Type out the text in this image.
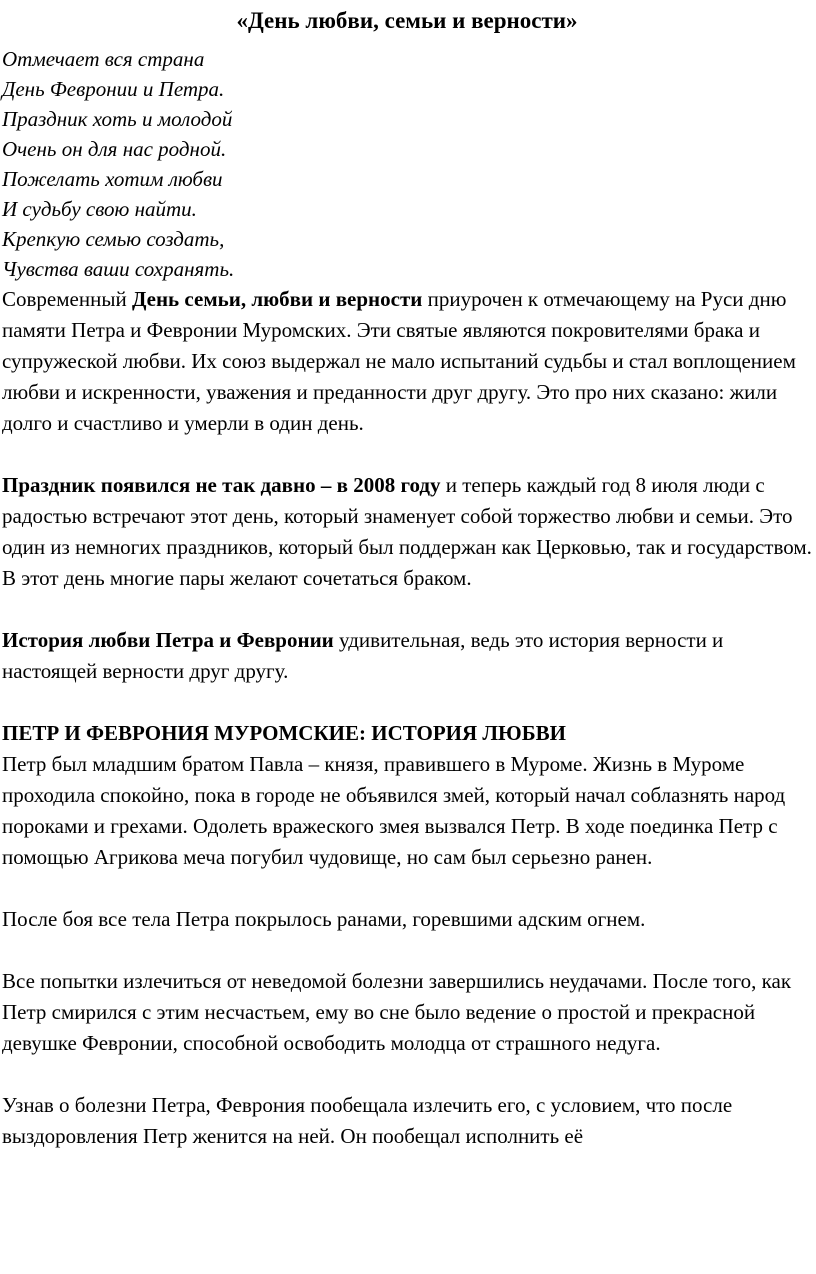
«День любви, семьи и верности»
Отмечает вся страна
День Февронии и Петра.
Праздник хоть и молодой
Очень он для нас родной.
Пожелать хотим любви
И судьбу свою найти.
Крепкую семью создать,
Чувства ваши сохранять.

Современный День семьи, любви и верности приурочен к отмечающему на Руси дню памяти Петра и Февронии Муромских. Эти святые являются покровителями брака и супружеской любви. Их союз выдержал не мало испытаний судьбы и стал воплощением любви и искренности, уважения и преданности друг другу. Это про них сказано: жили долго и счастливо и умерли в один день.

Праздник появился не так давно – в 2008 году и теперь каждый год 8 июля люди с радостью встречают этот день, который знаменует собой торжество любви и семьи. Это один из немногих праздников, который был поддержан как Церковью, так и государством. В этот день многие пары желают сочетаться браком.

История любви Петра и Февронии удивительная, ведь это история верности и настоящей верности друг другу.

ПЕТР И ФЕВРОНИЯ МУРОМСКИЕ: ИСТОРИЯ ЛЮБВИ

Петр был младшим братом Павла – князя, правившего в Муроме. Жизнь в Муроме проходила спокойно, пока в городе не объявился змей, который начал соблазнять народ пороками и грехами. Одолеть вражеского змея вызвался Петр. В ходе поединка Петр с помощью Агрикова меча погубил чудовище, но сам был серьезно ранен.

После боя все тела Петра покрылось ранами, горевшими адским огнем.

Все попытки излечиться от неведомой болезни завершились неудачами. После того, как Петр смирился с этим несчастьем, ему во сне было ведение о простой и прекрасной девушке Февронии, способной освободить молодца от страшного недуга.

Узнав о болезни Петра, Феврония пообещала излечить его, с условием, что после выздоровления Петр женится на ней. Он пообещал исполнить её
